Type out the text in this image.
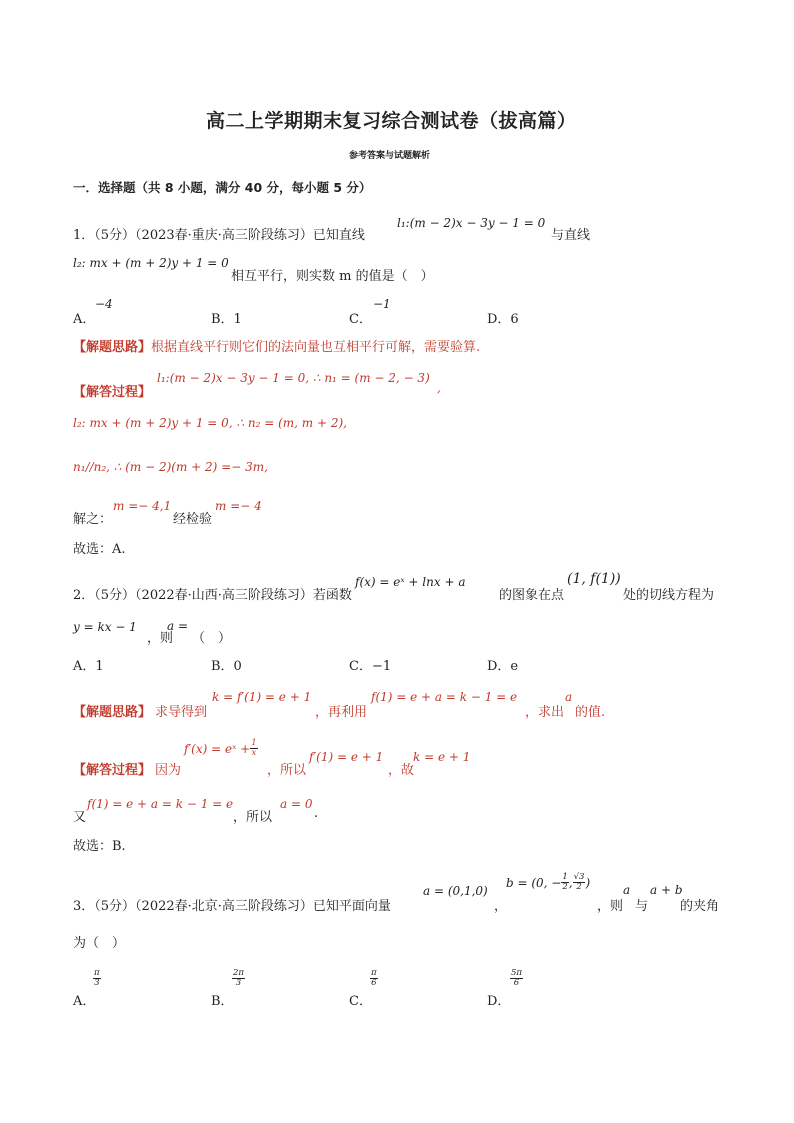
高二上学期期末复习综合测试卷（拔高篇）
参考答案与试题解析
一．选择题（共 8 小题，满分 40 分，每小题 5 分）
1．（5分）（2023春·重庆·高三阶段练习）已知直线
l₁:(m − 2)x − 3y − 1 = 0
与直线
l₂: mx + (m + 2)y + 1 = 0
相互平行，则实数 m 的值是（　）
A．
−4
B．1	C．
−1
D．6
【解题思路】根据直线平行则它们的法向量也互相平行可解，需要验算.
【解答过程】
l₁:(m − 2)x − 3y − 1 = 0, ∴ n₁ = (m − 2, − 3)
,
l₂: mx + (m + 2)y + 1 = 0, ∴ n₂ = (m, m + 2),
n₁//n₂, ∴ (m − 2)(m + 2) =− 3m,
解之：
m =− 4,1
经检验
m =− 4
故选：A.
2．（5分）（2022春·山西·高三阶段练习）若函数
f(x) = eˣ + lnx + a
的图象在点
(1, f(1))
处的切线方程为
y = kx − 1
，则
a =
（　）
A．1	B．0	C．−1	D．e
【解题思路】 求导得到
k = f′(1) = e + 1
，再利用
f(1) = e + a = k − 1 = e
，求出
a
的值.
【解答过程】 因为
f′(x) = eˣ + $\frac{1}{x}$
，所以
f′(1) = e + 1
，故
k = e + 1
又
f(1) = e + a = k − 1 = e
，所以
a = 0
.
故选：B.
3．（5分）（2022春·北京·高三阶段练习）已知平面向量
a = (0,1,0)
，
b = (0, − $\frac{1}{2}$ , $\frac{√3}{2}$ )
，则
a
与
a + b
的夹角
为（　）
A．
$\frac{\pi}{3}$
B．
$\frac{2\pi}{3}$
C．
$\frac{\pi}{6}$
D．
$\frac{5\pi}{6}$
